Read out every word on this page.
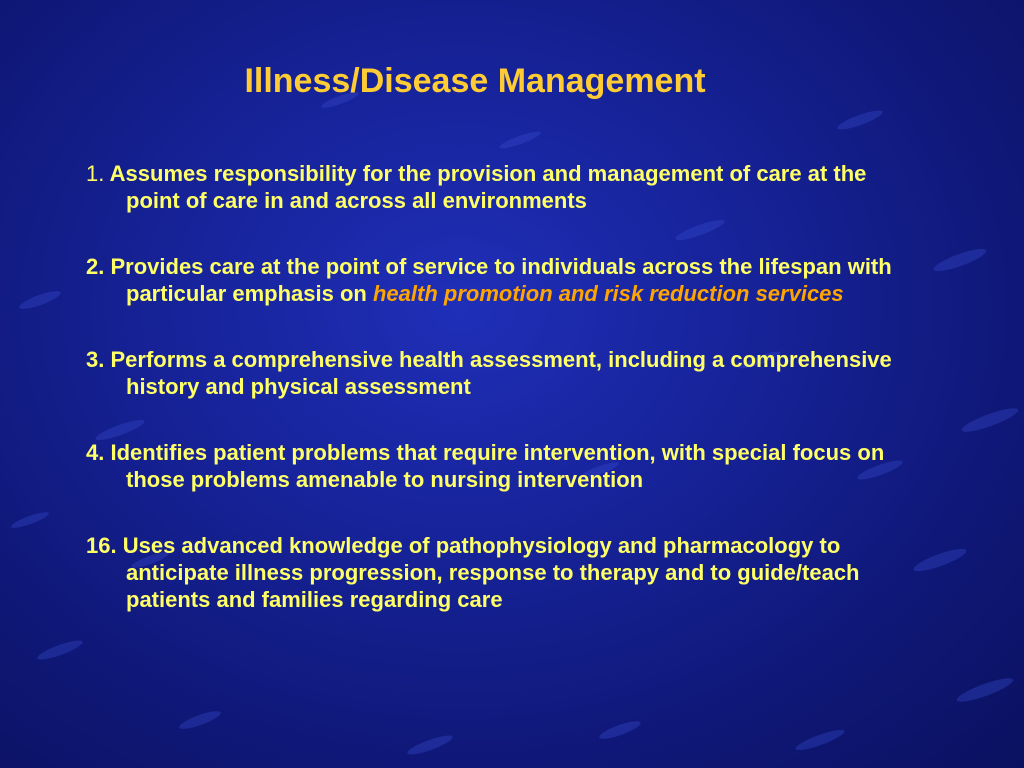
Illness/Disease Management
1. Assumes responsibility for the provision and management of care at the point of care in and across all environments
2. Provides care at the point of service to individuals across the lifespan with particular emphasis on health promotion and risk reduction services
3. Performs a comprehensive health assessment, including a comprehensive history and physical assessment
4. Identifies patient problems that require intervention, with special focus on those problems amenable to nursing intervention
16. Uses advanced knowledge of pathophysiology and pharmacology to anticipate illness progression, response to therapy and to guide/teach patients and families regarding care
